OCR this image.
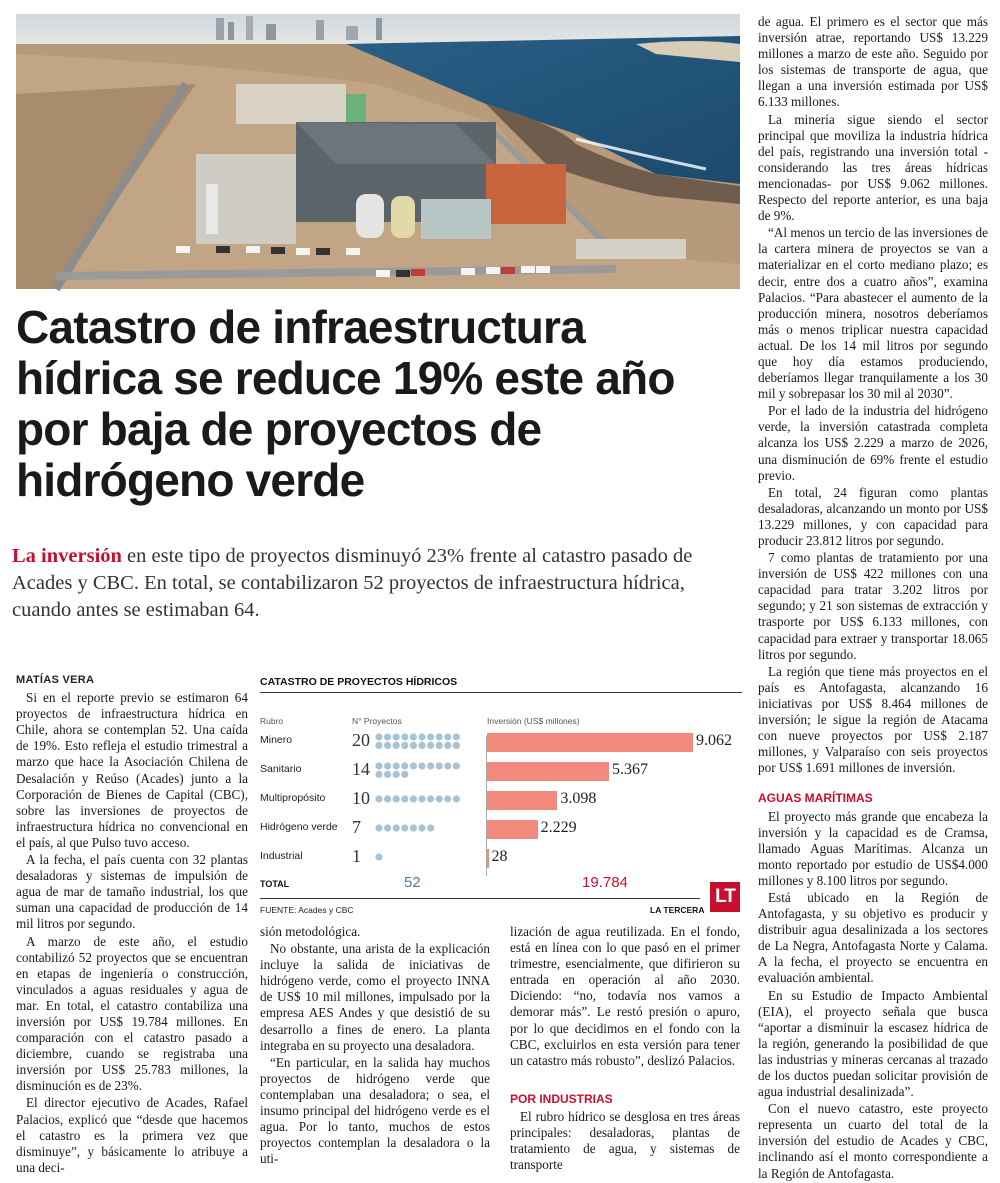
Catastro de infraestructura hídrica se reduce 19% este año por baja de proyectos de hidrógeno verde
La inversión en este tipo de proyectos disminuyó 23% frente al catastro pasado de Acades y CBC. En total, se contabilizaron 52 proyectos de infraestructura hídrica, cuando antes se estimaban 64.
MATÍAS VERA

Si en el reporte previo se estimaron 64 proyectos de infraestructura hídrica en Chile, ahora se contemplan 52. Una caída de 19%. Esto refleja el estudio trimestral a marzo que hace la Asociación Chilena de Desalación y Reúso (Acades) junto a la Corporación de Bienes de Capital (CBC), sobre las inversiones de proyectos de infraestructura hídrica no convencional en el país, al que Pulso tuvo acceso.

A la fecha, el país cuenta con 32 plantas desaladoras y sistemas de impulsión de agua de mar de tamaño industrial, los que suman una capacidad de producción de 14 mil litros por segundo.

A marzo de este año, el estudio contabilizó 52 proyectos que se encuentran en etapas de ingeniería o construcción, vinculados a aguas residuales y agua de mar. En total, el catastro contabiliza una inversión por US$ 19.784 millones. En comparación con el catastro pasado a diciembre, cuando se registraba una inversión por US$ 25.783 millones, la disminución es de 23%.

El director ejecutivo de Acades, Rafael Palacios, explicó que “desde que hacemos el catastro es la primera vez que disminuye”, y básicamente lo atribuye a una deci-

CATASTRO DE PROYECTOS HÍDRICOS
Rubro	N° Proyectos	Inversión (US$ millones)
Minero	20	9.062
Sanitario	14	5.367
Multipropósito 10	3.098
Hidrógeno verde 7	2.229
Industrial	1	28
TOTAL	52	19.784
FUENTE: Acades y CBC	LA TERCERA
LT

sión metodológica.

No obstante, una arista de la explicación incluye la salida de iniciativas de hidrógeno verde, como el proyecto INNA de US$ 10 mil millones, impulsado por la empresa AES Andes y que desistió de su desarrollo a fines de enero. La planta integraba en su proyecto una desaladora.

“En particular, en la salida hay muchos proyectos de hidrógeno verde que contemplaban una desaladora; o sea, el insumo principal del hidrógeno verde es el agua. Por lo tanto, muchos de estos proyectos contemplan la desaladora o la uti-

lización de agua reutilizada. En el fondo, está en línea con lo que pasó en el primer trimestre, esencialmente, que difirieron su entrada en operación al año 2030. Diciendo: “no, todavía nos vamos a demorar más”. Le restó presión o apuro, por lo que decidimos en el fondo con la CBC, excluirlos en esta versión para tener un catastro más robusto”, deslizó Palacios.

POR INDUSTRIAS

El rubro hídrico se desglosa en tres áreas principales: desaladoras, plantas de tratamiento de agua, y sistemas de transporte

de agua. El primero es el sector que más inversión atrae, reportando US$ 13.229 millones a marzo de este año. Seguido por los sistemas de transporte de agua, que llegan a una inversión estimada por US$ 6.133 millones.

La minería sigue siendo el sector principal que moviliza la industria hídrica del país, registrando una inversión total -considerando las tres áreas hídricas mencionadas- por US$ 9.062 millones. Respecto del reporte anterior, es una baja de 9%.

“Al menos un tercio de las inversiones de la cartera minera de proyectos se van a materializar en el corto mediano plazo; es decir, entre dos a cuatro años”, examina Palacios. “Para abastecer el aumento de la producción minera, nosotros deberíamos más o menos triplicar nuestra capacidad actual. De los 14 mil litros por segundo que hoy día estamos produciendo, deberíamos llegar tranquilamente a los 30 mil y sobrepasar los 30 mil al 2030”.

Por el lado de la industria del hidrógeno verde, la inversión catastrada completa alcanza los US$ 2.229 a marzo de 2026, una disminución de 69% frente el estudio previo.

En total, 24 figuran como plantas desaladoras, alcanzando un monto por US$ 13.229 millones, y con capacidad para producir 23.812 litros por segundo.

7 como plantas de tratamiento por una inversión de US$ 422 millones con una capacidad para tratar 3.202 litros por segundo; y 21 son sistemas de extracción y trasporte por US$ 6.133 millones, con capacidad para extraer y transportar 18.065 litros por segundo.

La región que tiene más proyectos en el país es Antofagasta, alcanzando 16 iniciativas por US$ 8.464 millones de inversión; le sigue la región de Atacama con nueve proyectos por US$ 2.187 millones, y Valparaíso con seis proyectos por US$ 1.691 millones de inversión.

AGUAS MARÍTIMAS

El proyecto más grande que encabeza la inversión y la capacidad es de Cramsa, llamado Aguas Marítimas. Alcanza un monto reportado por estudio de US$4.000 millones y 8.100 litros por segundo.

Está ubicado en la Región de Antofagasta, y su objetivo es producir y distribuir agua desalinizada a los sectores de La Negra, Antofagasta Norte y Calama. A la fecha, el proyecto se encuentra en evaluación ambiental.

En su Estudio de Impacto Ambiental (EIA), el proyecto señala que busca “aportar a disminuir la escasez hídrica de la región, generando la posibilidad de que las industrias y mineras cercanas al trazado de los ductos puedan solicitar provisión de agua industrial desalinizada”.

Con el nuevo catastro, este proyecto representa un cuarto del total de la inversión del estudio de Acades y CBC, inclinando así el monto correspondiente a la Región de Antofagasta.
